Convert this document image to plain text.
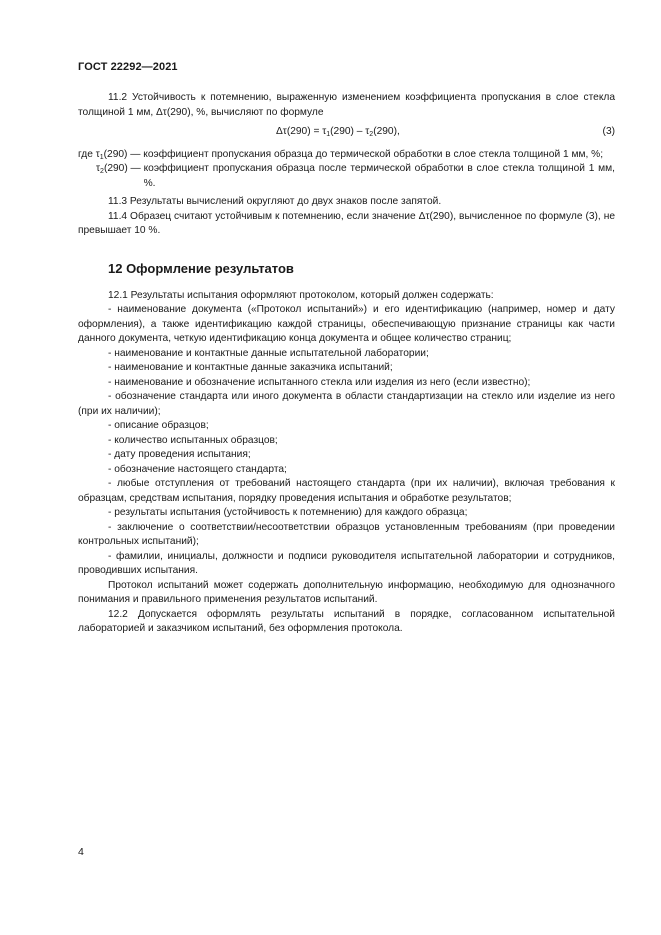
ГОСТ 22292—2021

11.2 Устойчивость к потемнению, выраженную изменением коэффициента пропускания в слое стекла толщиной 1 мм, Δτ(290), %, вычисляют по формуле

$\Delta\tau(290) = \tau_1(290) - \tau_2(290)$,	(3)
где $\tau_1(290)$ — коэффициент пропускания образца до термической обработки в слое стекла толщиной 1 мм, %;
$\tau_2(290)$ — коэффициент пропускания образца после термической обработки в слое стекла толщиной 1 мм, %.

11.3 Результаты вычислений округляют до двух знаков после запятой.

11.4 Образец считают устойчивым к потемнению, если значение Δτ(290), вычисленное по формуле (3), не превышает 10 %.

12 Оформление результатов

12.1 Результаты испытания оформляют протоколом, который должен содержать:

- наименование документа («Протокол испытаний») и его идентификацию (например, номер и дату оформления), а также идентификацию каждой страницы, обеспечивающую признание страницы как части данного документа, четкую идентификацию конца документа и общее количество страниц;

- наименование и контактные данные испытательной лаборатории;

- наименование и контактные данные заказчика испытаний;

- наименование и обозначение испытанного стекла или изделия из него (если известно);

- обозначение стандарта или иного документа в области стандартизации на стекло или изделие из него (при их наличии);

- описание образцов;

- количество испытанных образцов;

- дату проведения испытания;

- обозначение настоящего стандарта;

- любые отступления от требований настоящего стандарта (при их наличии), включая требования к образцам, средствам испытания, порядку проведения испытания и обработке результатов;

- результаты испытания (устойчивость к потемнению) для каждого образца;

- заключение о соответствии/несоответствии образцов установленным требованиям (при проведении контрольных испытаний);

- фамилии, инициалы, должности и подписи руководителя испытательной лаборатории и сотрудников, проводивших испытания.

Протокол испытаний может содержать дополнительную информацию, необходимую для однозначного понимания и правильного применения результатов испытаний.

12.2 Допускается оформлять результаты испытаний в порядке, согласованном испытательной лабораторией и заказчиком испытаний, без оформления протокола.

4
